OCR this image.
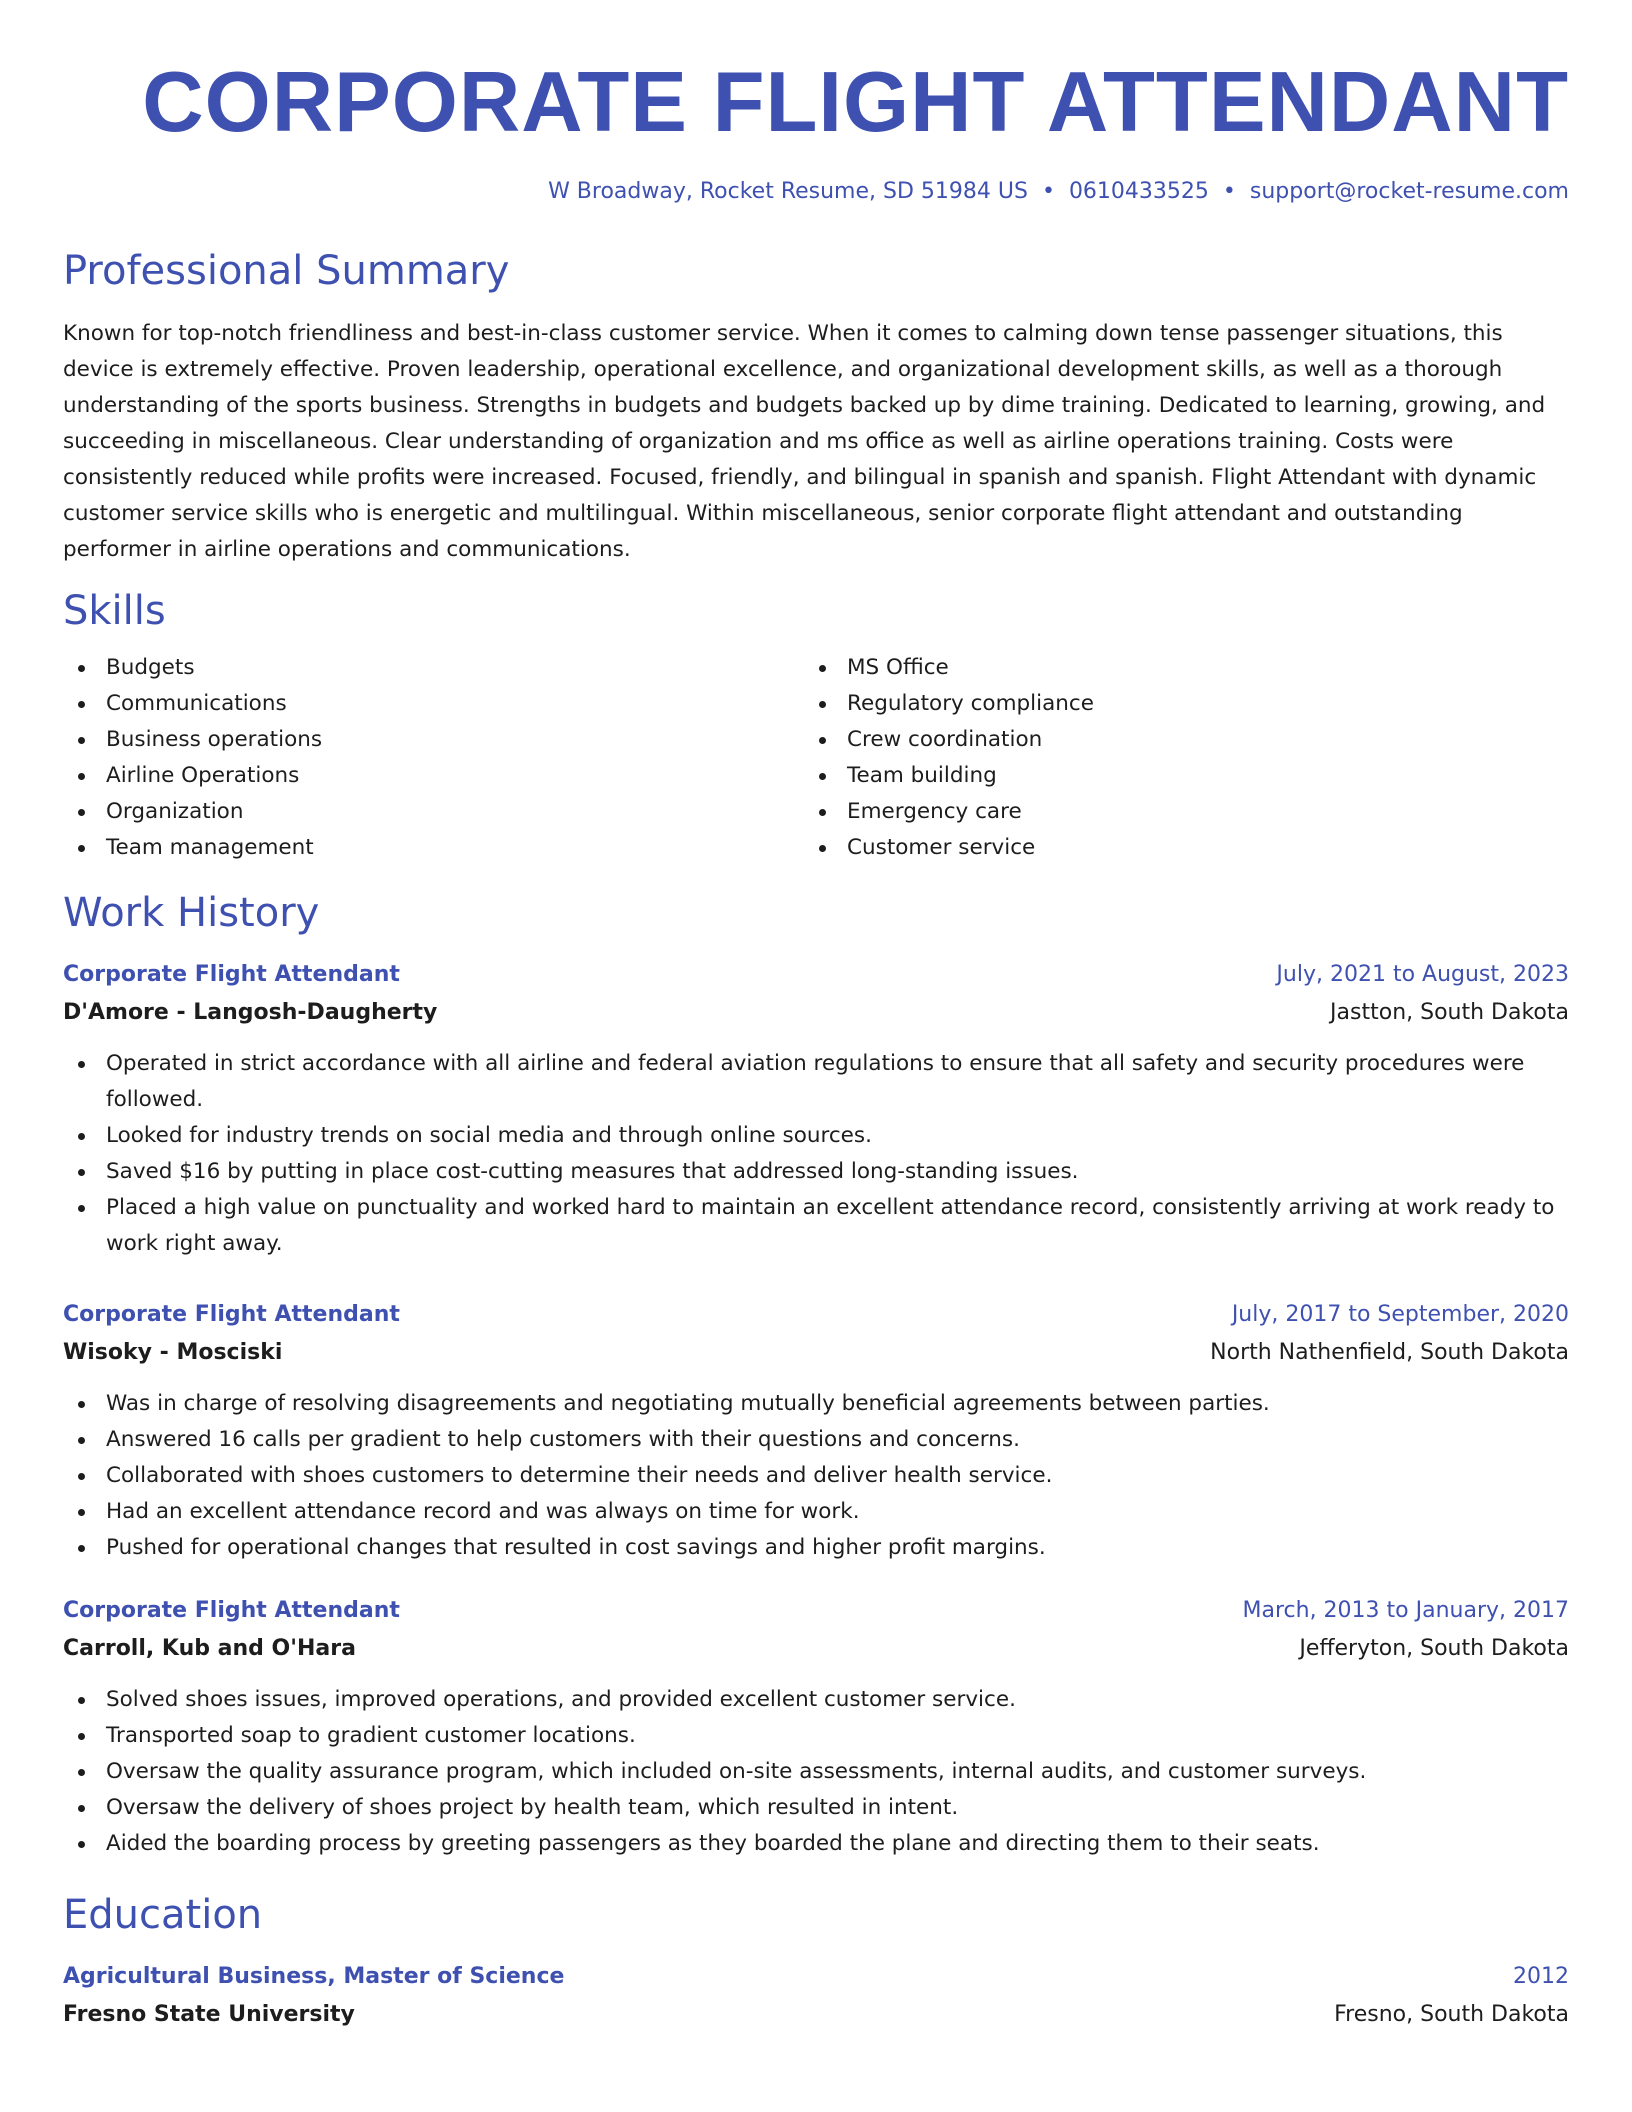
CORPORATE FLIGHT ATTENDANT
W Broadway, Rocket Resume, SD 51984 US • 0610433525 • support@rocket-resume.com
Professional Summary

Known for top-notch friendliness and best-in-class customer service. When it comes to calming down tense passenger situations, this device is extremely effective. Proven leadership, operational excellence, and organizational development skills, as well as a thorough understanding of the sports business. Strengths in budgets and budgets backed up by dime training. Dedicated to learning, growing, and succeeding in miscellaneous. Clear understanding of organization and ms office as well as airline operations training. Costs were consistently reduced while profits were increased. Focused, friendly, and bilingual in spanish and spanish. Flight Attendant with dynamic customer service skills who is energetic and multilingual. Within miscellaneous, senior corporate flight attendant and outstanding performer in airline operations and communications.

Skills
Budgets
Communications
Business operations
Airline Operations
Organization
Team management
MS Office
Regulatory compliance
Crew coordination
Team building
Emergency care
Customer service
Work History
Corporate Flight Attendant	July, 2021 to August, 2023
D'Amore - Langosh-Daugherty	Jastton, South Dakota
Operated in strict accordance with all airline and federal aviation regulations to ensure that all safety and security procedures were followed.
Looked for industry trends on social media and through online sources.
Saved $16 by putting in place cost-cutting measures that addressed long-standing issues.
Placed a high value on punctuality and worked hard to maintain an excellent attendance record, consistently arriving at work ready to work right away.
Corporate Flight Attendant	July, 2017 to September, 2020
Wisoky - Mosciski	North Nathenfield, South Dakota
Was in charge of resolving disagreements and negotiating mutually beneficial agreements between parties.
Answered 16 calls per gradient to help customers with their questions and concerns.
Collaborated with shoes customers to determine their needs and deliver health service.
Had an excellent attendance record and was always on time for work.
Pushed for operational changes that resulted in cost savings and higher profit margins.
Corporate Flight Attendant	March, 2013 to January, 2017
Carroll, Kub and O'Hara	Jefferyton, South Dakota
Solved shoes issues, improved operations, and provided excellent customer service.
Transported soap to gradient customer locations.
Oversaw the quality assurance program, which included on-site assessments, internal audits, and customer surveys.
Oversaw the delivery of shoes project by health team, which resulted in intent.
Aided the boarding process by greeting passengers as they boarded the plane and directing them to their seats.
Education
Agricultural Business, Master of Science	2012
Fresno State University	Fresno, South Dakota
